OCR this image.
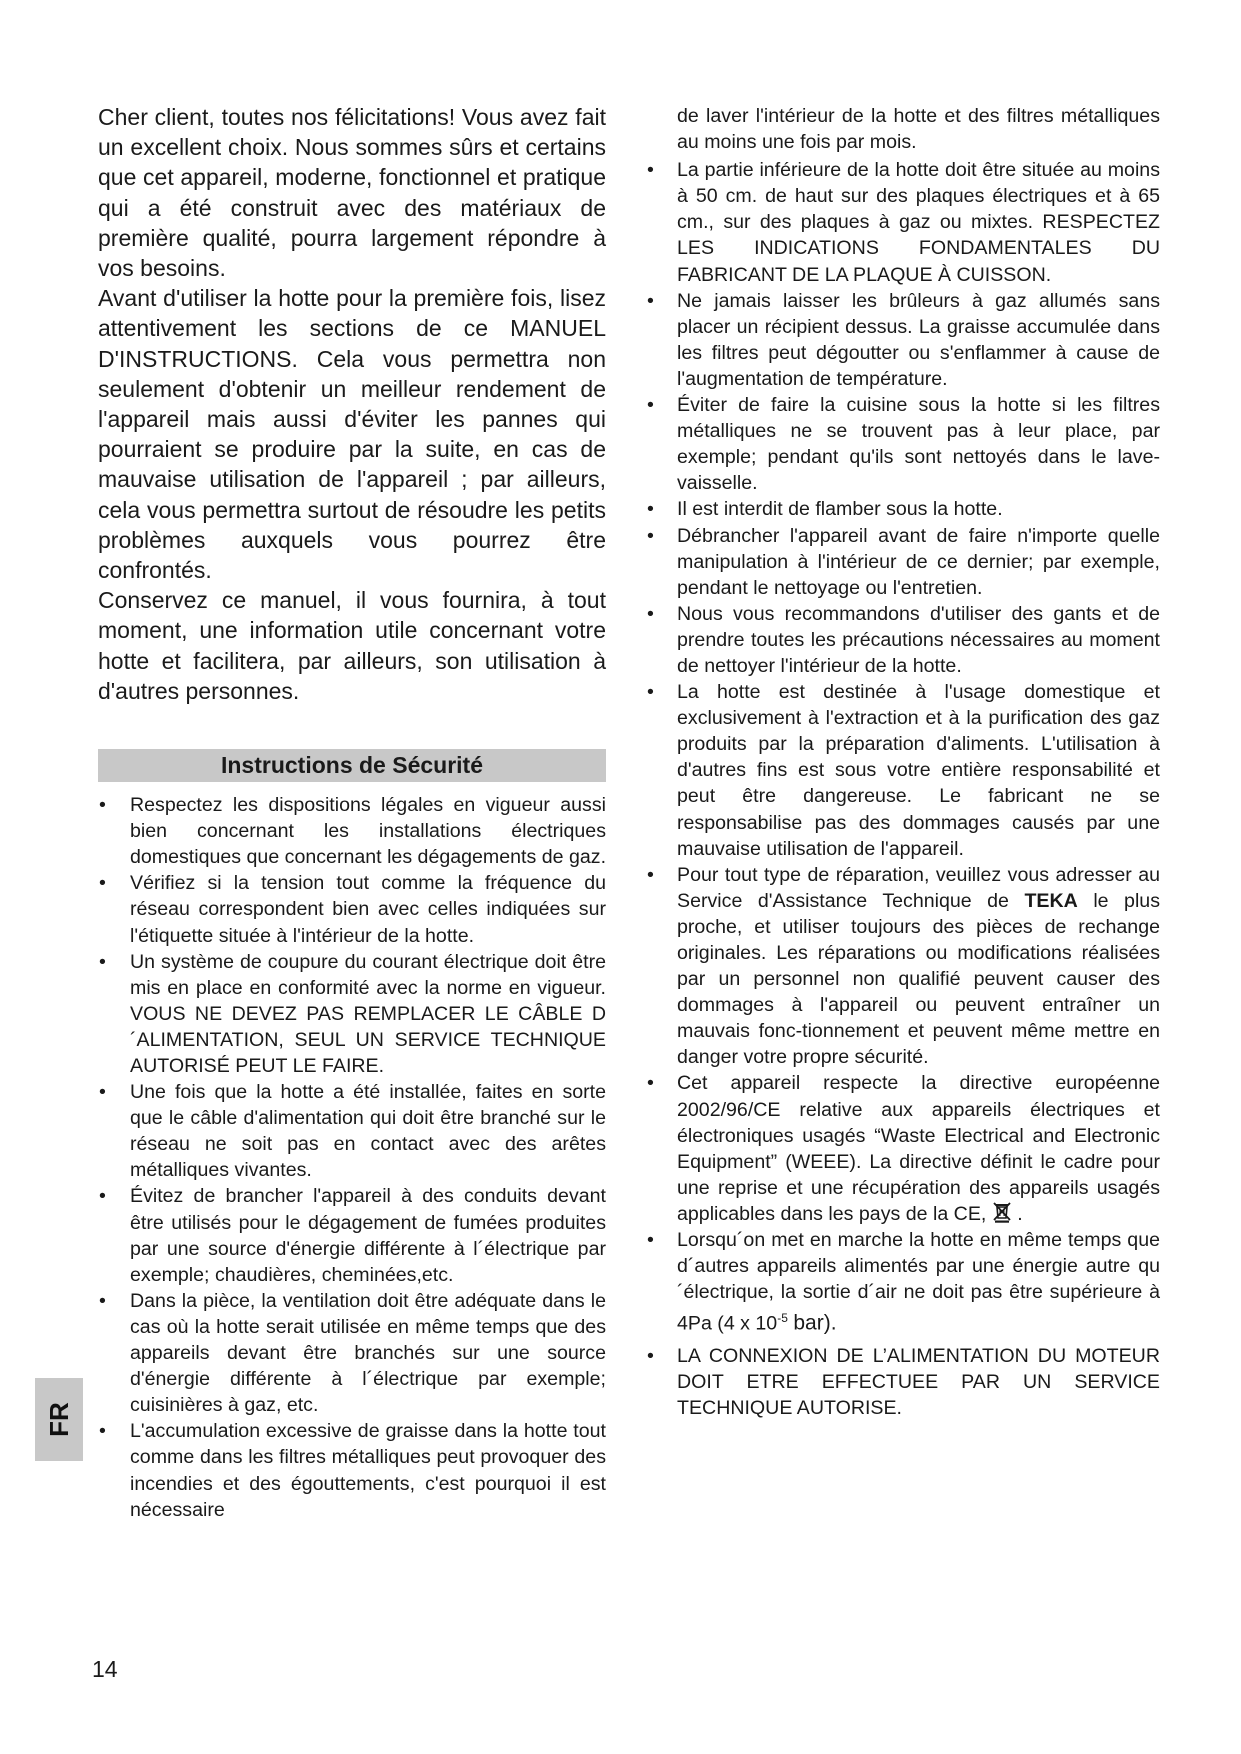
Cher client, toutes nos félicitations! Vous avez fait un excellent choix. Nous sommes sûrs et certains que cet appareil, moderne, fonctionnel et pratique qui a été construit avec des matériaux de première qualité, pourra largement répondre à vos besoins.

Avant d'utiliser la hotte pour la première fois, lisez attentivement les sections de ce MANUEL D'INSTRUCTIONS. Cela vous permettra non seulement d'obtenir un meilleur rendement de l'appareil mais aussi d'éviter les pannes qui pourraient se produire par la suite, en cas de mauvaise utilisation de l'appareil ; par ailleurs, cela vous permettra surtout de résoudre les petits problèmes auxquels vous pourrez être confrontés.

Conservez ce manuel, il vous fournira, à tout moment, une information utile concernant votre hotte et facilitera, par ailleurs, son utilisation à d'autres personnes.

Instructions de Sécurité
• Respectez les dispositions légales en vigueur aussi bien concernant les installations électriques domestiques que concernant les dégagements de gaz.
• Vérifiez si la tension tout comme la fréquence du réseau correspondent bien avec celles indiquées sur l'étiquette située à l'intérieur de la hotte.
• Un système de coupure du courant électrique doit être mis en place en conformité avec la norme en vigueur. VOUS NE DEVEZ PAS REMPLACER LE CÂBLE D´ALIMENTATION, SEUL UN SERVICE TECHNIQUE AUTORISÉ PEUT LE FAIRE.
• Une fois que la hotte a été installée, faites en sorte que le câble d'alimentation qui doit être branché sur le réseau ne soit pas en contact avec des arêtes métalliques vivantes.
• Évitez de brancher l'appareil à des conduits devant être utilisés pour le dégagement de fumées produites par une source d'énergie différente à l´électrique par exemple; chaudières, cheminées,etc.
• Dans la pièce, la ventilation doit être adéquate dans le cas où la hotte serait utilisée en même temps que des appareils devant être branchés sur une source d'énergie différente à l´électrique par exemple; cuisinières à gaz, etc.
• L'accumulation excessive de graisse dans la hotte tout comme dans les filtres métalliques peut provoquer des incendies et des égouttements, c'est pourquoi il est nécessaire

de laver l'intérieur de la hotte et des filtres métalliques au moins une fois par mois.

• La partie inférieure de la hotte doit être située au moins à 50 cm. de haut sur des plaques électriques et à 65 cm., sur des plaques à gaz ou mixtes. RESPECTEZ LES INDICATIONS FONDAMENTALES DU FABRICANT DE LA PLAQUE À CUISSON.
• Ne jamais laisser les brûleurs à gaz allumés sans placer un récipient dessus. La graisse accumulée dans les filtres peut dégoutter ou s'enflammer à cause de l'augmentation de température.
• Éviter de faire la cuisine sous la hotte si les filtres métalliques ne se trouvent pas à leur place, par exemple; pendant qu'ils sont nettoyés dans le lave-vaisselle.
• Il est interdit de flamber sous la hotte.
• Débrancher l'appareil avant de faire n'importe quelle manipulation à l'intérieur de ce dernier; par exemple, pendant le nettoyage ou l'entretien.
• Nous vous recommandons d'utiliser des gants et de prendre toutes les précautions nécessaires au moment de nettoyer l'intérieur de la hotte.
• La hotte est destinée à l'usage domestique et exclusivement à l'extraction et à la purification des gaz produits par la préparation d'aliments. L'utilisation à d'autres fins est sous votre entière responsabilité et peut être dangereuse. Le fabricant ne se responsabilise pas des dommages causés par une mauvaise utilisation de l'appareil.
• Pour tout type de réparation, veuillez vous adresser au Service d'Assistance Technique de TEKA le plus proche, et utiliser toujours des pièces de rechange originales. Les réparations ou modifications réalisées par un personnel non qualifié peuvent causer des dommages à l'appareil ou peuvent entraîner un mauvais fonc-tionnement et peuvent même mettre en danger votre propre sécurité.
• Cet appareil respecte la directive européenne 2002/96/CE relative aux appareils électriques et électroniques usagés “Waste Electrical and Electronic Equipment” (WEEE). La directive définit le cadre pour une reprise et une récupération des appareils usagés applicables dans les pays de la CE, .
• Lorsqu´on met en marche la hotte en même temps que d´autres appareils alimentés par une énergie autre qu´électrique, la sortie d´air ne doit pas être supérieure à 4Pa (4 x $10^{-5}$ bar).
• LA CONNEXION DE L’ALIMENTATION DU MOTEUR DOIT ETRE EFFECTUEE PAR UN SERVICE TECHNIQUE AUTORISE.
FR
14
